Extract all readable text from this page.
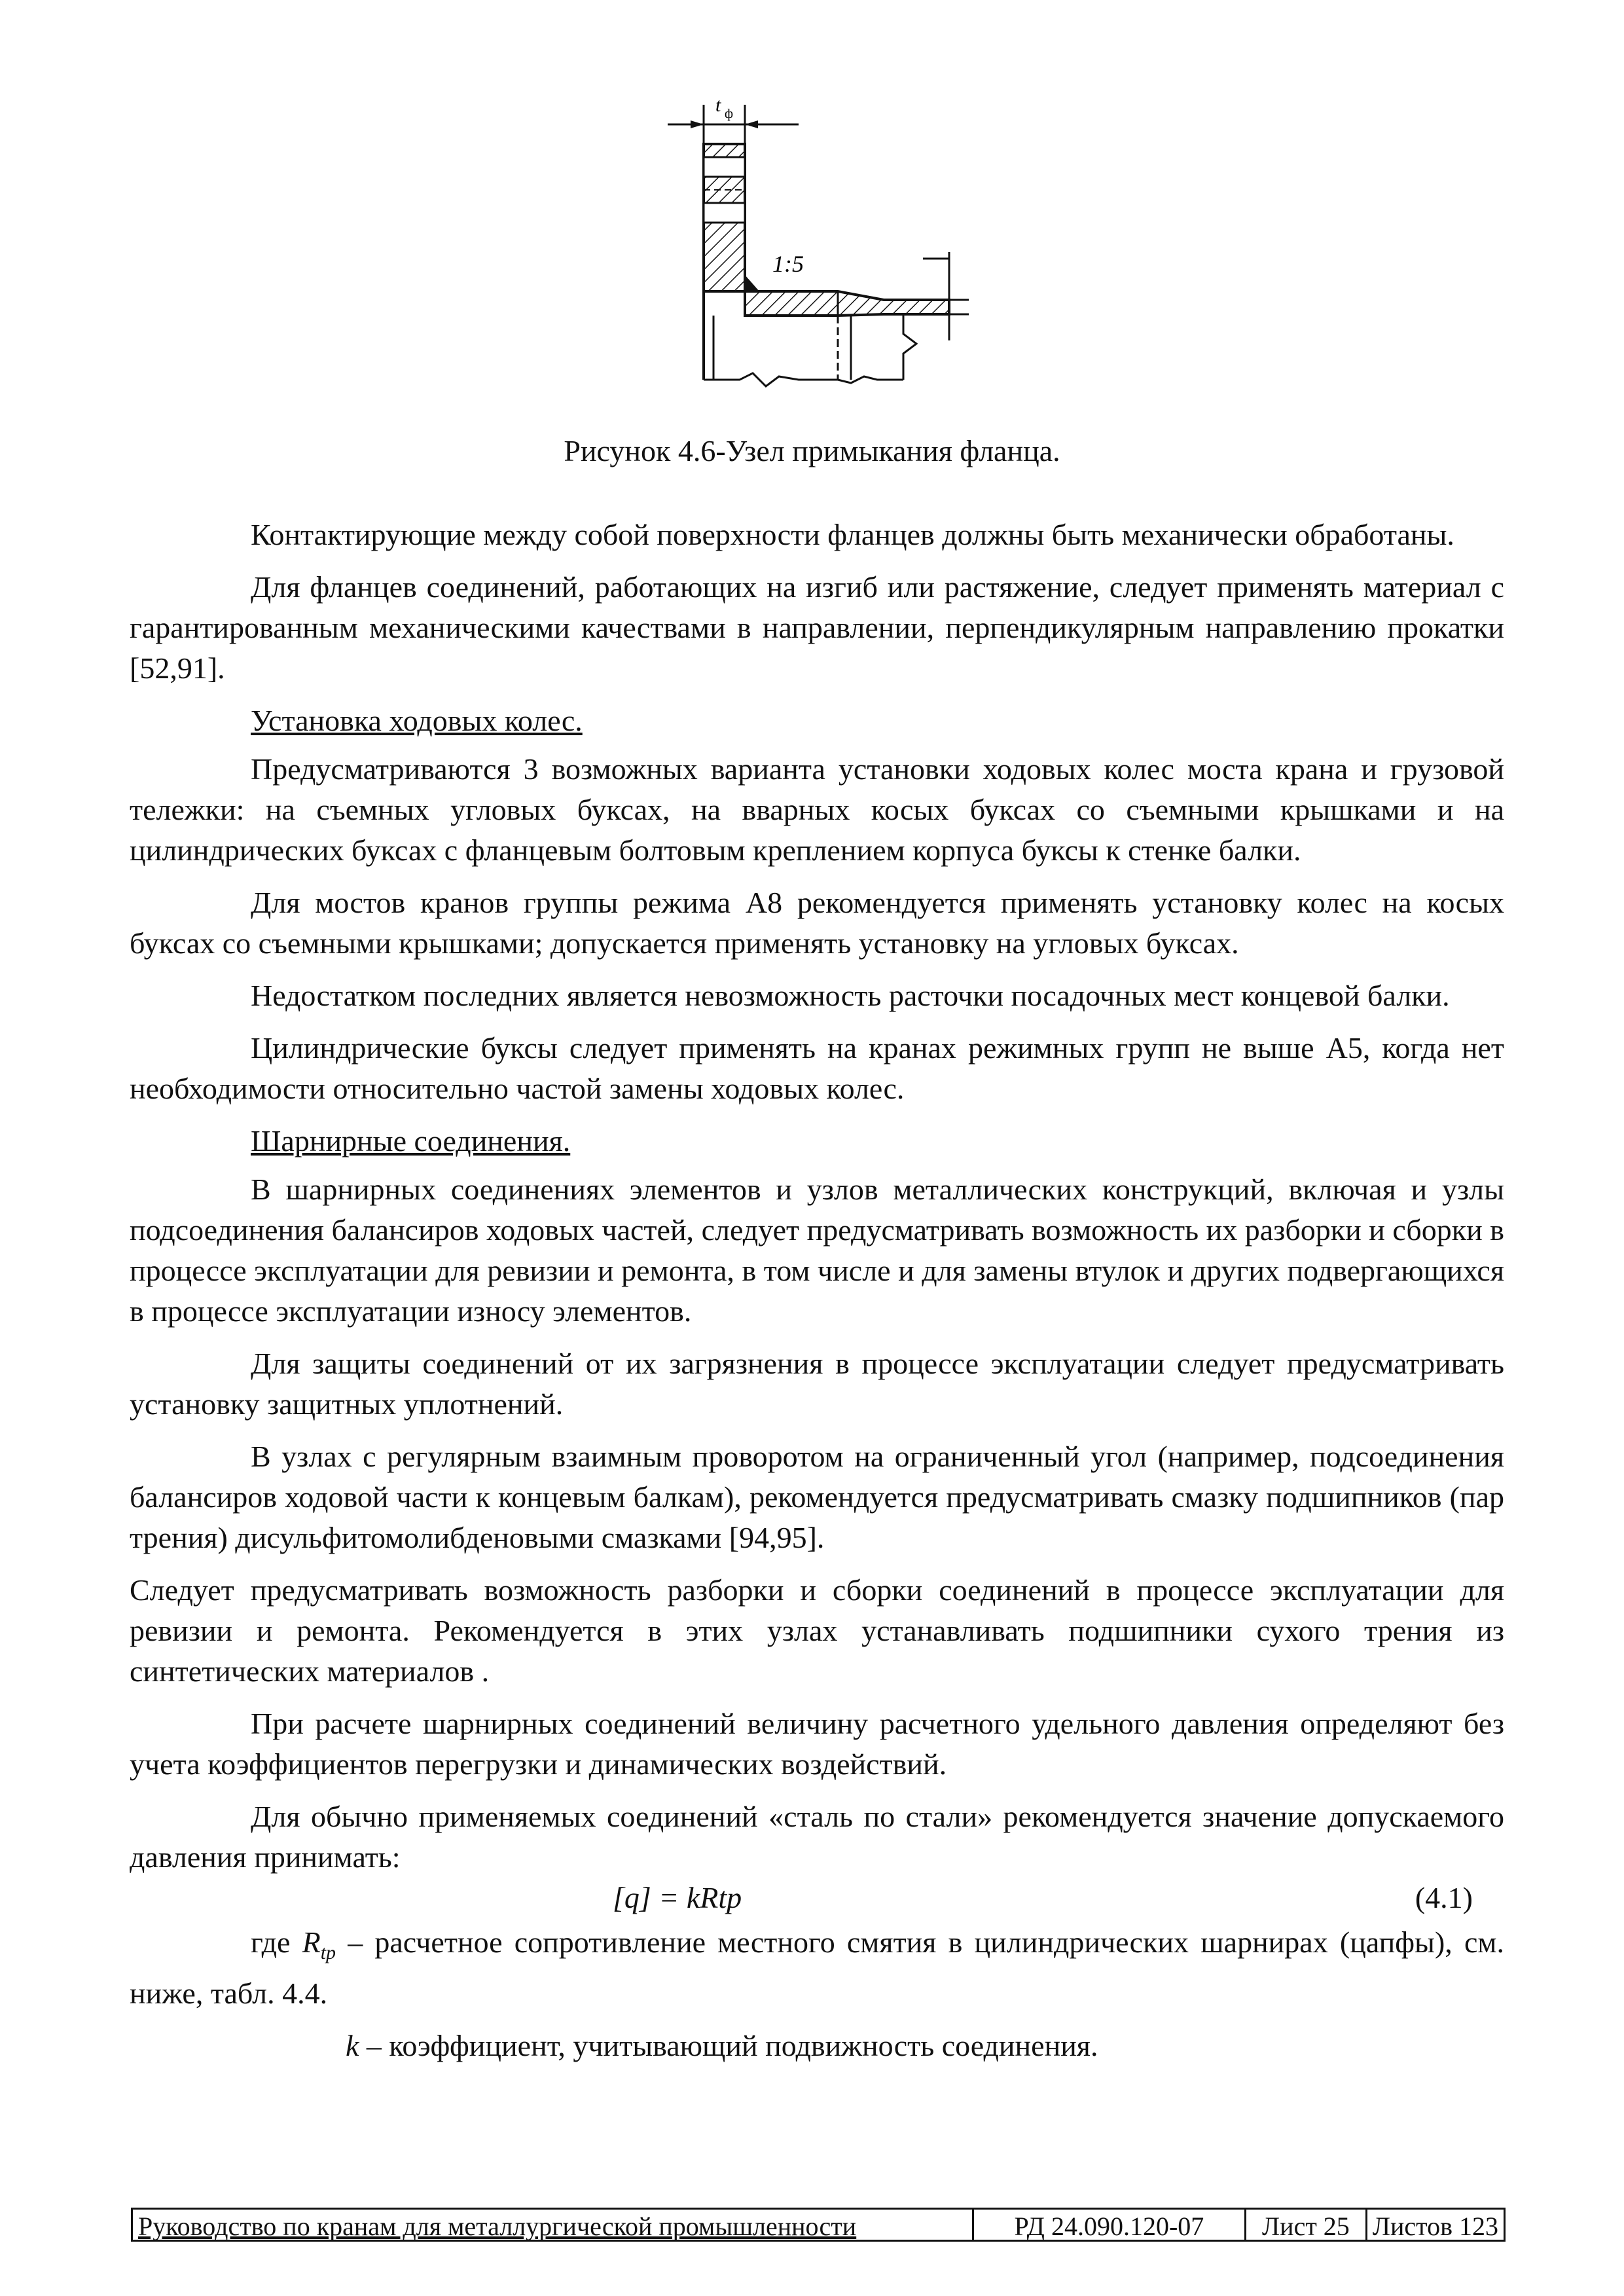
t ф
1:5
Рисунок 4.6-Узел примыкания фланца.

Контактирующие между собой поверхности фланцев должны быть механически обработаны.

Для фланцев соединений, работающих на изгиб или растяжение, следует применять материал с гарантированным механическими качествами в направлении, перпендикулярным направлению прокатки [52,91].

Установка ходовых колес.

Предусматриваются 3 возможных варианта установки ходовых колес моста крана и грузовой тележки: на съемных угловых буксах, на вварных косых буксах со съемными крышками и на цилиндрических буксах с фланцевым болтовым креплением корпуса буксы к стенке балки.

Для мостов кранов группы режима А8 рекомендуется применять установку колес на косых буксах со съемными крышками; допускается применять установку на угловых буксах.

Недостатком последних является невозможность расточки посадочных мест концевой балки.

Цилиндрические буксы следует применять на кранах режимных групп не выше А5, когда нет необходимости относительно частой замены ходовых колес.

Шарнирные соединения.

В шарнирных соединениях элементов и узлов металлических конструкций, включая и узлы подсоединения балансиров ходовых частей, следует предусматривать возможность их разборки и сборки в процессе эксплуатации для ревизии и ремонта, в том числе и для замены втулок и других подвергающихся в процессе эксплуатации износу элементов.

Для защиты соединений от их загрязнения в процессе эксплуатации следует предусматривать установку защитных уплотнений.

В узлах с регулярным взаимным проворотом на ограниченный угол (например, подсоединения балансиров ходовой части к концевым балкам), рекомендуется предусматривать смазку подшипников (пар трения) дисульфитомолибденовыми смазками [94,95].

Следует предусматривать возможность разборки и сборки соединений в процессе эксплуатации для ревизии и ремонта. Рекомендуется в этих узлах устанавливать подшипники сухого трения из синтетических материалов .

При расчете шарнирных соединений величину расчетного удельного давления определяют без учета коэффициентов перегрузки и динамических воздействий.

Для обычно применяемых соединений «сталь по стали» рекомендуется значение допускаемого давления принимать:

[q] = kRtp	(4.1)

где $R_{tp}$ – расчетное сопротивление местного смятия в цилиндрических шарнирах (цапфы), см. ниже, табл. 4.4.

k – коэффициент, учитывающий подвижность соединения.

Руководство по кранам для металлургической промышленности	РД 24.090.120-07	Лист 25 Листов 123
